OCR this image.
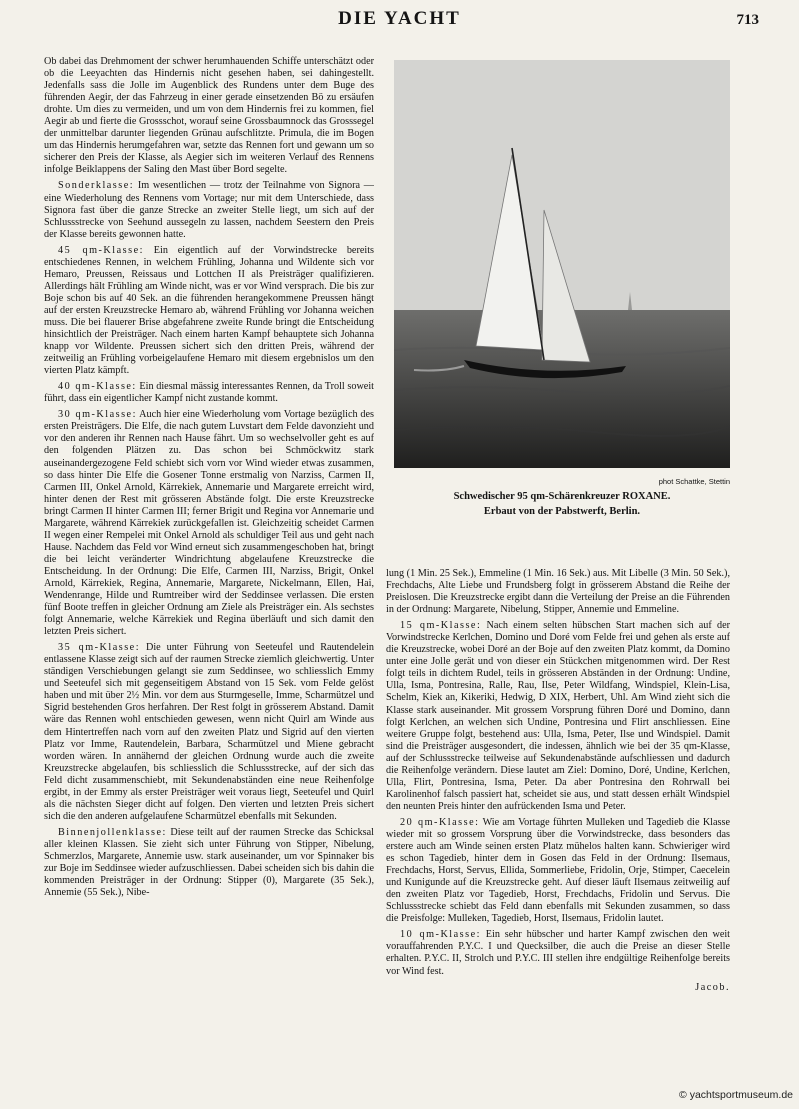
DIE YACHT	713

Ob dabei das Drehmoment der schwer herumhauenden Schiffe unterschätzt oder ob die Leeyachten das Hindernis nicht gesehen haben, sei dahingestellt. Jedenfalls sass die Jolle im Augenblick des Rundens unter dem Buge des führenden Aegir, der das Fahrzeug in einer gerade einsetzenden Bö zu ersäufen drohte. Um dies zu vermeiden, und um von dem Hindernis frei zu kommen, fiel Aegir ab und fierte die Grossschot, worauf seine Grossbaumnock das Grosssegel der unmittelbar darunter liegenden Grünau aufschlitzte. Primula, die im Bogen um das Hindernis herumgefahren war, setzte das Rennen fort und gewann um so sicherer den Preis der Klasse, als Aegier sich im weiteren Verlauf des Rennens infolge Beiklappens der Saling den Mast über Bord segelte.

Sonderklasse: Im wesentlichen — trotz der Teilnahme von Signora — eine Wiederholung des Rennens vom Vortage; nur mit dem Unterschiede, dass Signora fast über die ganze Strecke an zweiter Stelle liegt, um sich auf der Schlussstrecke von Seehund aussegeln zu lassen, nachdem Seestern den Preis der Klasse bereits gewonnen hatte.

45 qm-Klasse: Ein eigentlich auf der Vorwindstrecke bereits entschiedenes Rennen, in welchem Frühling, Johanna und Wildente sich vor Hemaro, Preussen, Reissaus und Lottchen II als Preisträger qualifizieren. Allerdings hält Frühling am Winde nicht, was er vor Wind versprach. Die bis zur Boje schon bis auf 40 Sek. an die führenden herangekommene Preussen hängt auf der ersten Kreuzstrecke Hemaro ab, während Frühling vor Johanna weichen muss. Die bei flauerer Brise abgefahrene zweite Runde bringt die Entscheidung hinsichtlich der Preisträger. Nach einem harten Kampf behauptete sich Johanna knapp vor Wildente. Preussen sichert sich den dritten Preis, während der zeitweilig an Frühling vorbeigelaufene Hemaro mit diesem ergebnislos um den vierten Platz kämpft.

40 qm-Klasse: Ein diesmal mässig interessantes Rennen, da Troll soweit führt, dass ein eigentlicher Kampf nicht zustande kommt.

30 qm-Klasse: Auch hier eine Wiederholung vom Vortage bezüglich des ersten Preisträgers. Die Elfe, die nach gutem Luvstart dem Felde davonzieht und vor den anderen ihr Rennen nach Hause fährt. Um so wechselvoller geht es auf den folgenden Plätzen zu. Das schon bei Schmöckwitz stark auseinandergezogene Feld schiebt sich vorn vor Wind wieder etwas zusammen, so dass hinter Die Elfe die Gosener Tonne erstmalig von Narziss, Carmen II, Carmen III, Onkel Arnold, Kärrekiek, Annemarie und Margarete erreicht wird, hinter denen der Rest mit grösseren Abstände folgt. Die erste Kreuzstrecke bringt Carmen II hinter Carmen III; ferner Brigit und Regina vor Annemarie und Margarete, während Kärrekiek zurückgefallen ist. Gleichzeitig scheidet Carmen II wegen einer Rempelei mit Onkel Arnold als schuldiger Teil aus und geht nach Hause. Nachdem das Feld vor Wind erneut sich zusammengeschoben hat, bringt die bei leicht veränderter Windrichtung abgelaufene Kreuzstrecke die Entscheidung. In der Ordnung: Die Elfe, Carmen III, Narziss, Brigit, Onkel Arnold, Kärrekiek, Regina, Annemarie, Margarete, Nickelmann, Ellen, Hai, Wendenrange, Hilde und Rumtreiber wird der Seddinsee verlassen. Die ersten fünf Boote treffen in gleicher Ordnung am Ziele als Preisträger ein. Als sechstes folgt Annemarie, welche Kärrekiek und Regina überläuft und sich damit den letzten Preis sichert.

35 qm-Klasse: Die unter Führung von Seeteufel und Rautendelein entlassene Klasse zeigt sich auf der raumen Strecke ziemlich gleichwertig. Unter ständigen Verschiebungen gelangt sie zum Seddinsee, wo schliesslich Emmy und Seeteufel sich mit gegenseitigem Abstand von 15 Sek. vom Felde gelöst haben und mit über 2½ Min. vor dem aus Sturmgeselle, Imme, Scharmützel und Sigrid bestehenden Gros herfahren. Der Rest folgt in grösserem Abstand. Damit wäre das Rennen wohl entschieden gewesen, wenn nicht Quirl am Winde aus dem Hintertreffen nach vorn auf den zweiten Platz und Sigrid auf den vierten Platz vor Imme, Rautendelein, Barbara, Scharmützel und Miene gebracht worden wären. In annähernd der gleichen Ordnung wurde auch die zweite Kreuzstrecke abgelaufen, bis schliesslich die Schlussstrecke, auf der sich das Feld dicht zusammenschiebt, mit Sekundenabständen eine neue Reihenfolge ergibt, in der Emmy als erster Preisträger weit voraus liegt, Seeteufel und Quirl als die nächsten Sieger dicht auf folgen. Den vierten und letzten Preis sichert sich die den anderen aufgelaufene Scharmützel ebenfalls mit Sekunden.

Binnenjollenklasse: Diese teilt auf der raumen Strecke das Schicksal aller kleinen Klassen. Sie zieht sich unter Führung von Stipper, Nibelung, Schmerzlos, Margarete, Annemie usw. stark auseinander, um vor Spinnaker bis zur Boje im Seddinsee wieder aufzuschliessen. Dabei scheiden sich bis dahin die kommenden Preisträger in der Ordnung: Stipper (0), Margarete (35 Sek.), Annemie (55 Sek.), Nibe-

phot Schattke, Stettin
Schwedischer 95 qm-Schärenkreuzer ROXANE.
Erbaut von der Pabstwerft, Berlin.

lung (1 Min. 25 Sek.), Emmeline (1 Min. 16 Sek.) aus. Mit Libelle (3 Min. 50 Sek.), Frechdachs, Alte Liebe und Frundsberg folgt in grösserem Abstand die Reihe der Preislosen. Die Kreuzstrecke ergibt dann die Verteilung der Preise an die Führenden in der Ordnung: Margarete, Nibelung, Stipper, Annemie und Emmeline.

15 qm-Klasse: Nach einem selten hübschen Start machen sich auf der Vorwindstrecke Kerlchen, Domino und Doré vom Felde frei und gehen als erste auf die Kreuzstrecke, wobei Doré an der Boje auf den zweiten Platz kommt, da Domino unter eine Jolle gerät und von dieser ein Stückchen mitgenommen wird. Der Rest folgt teils in dichtem Rudel, teils in grösseren Abständen in der Ordnung: Undine, Ulla, Isma, Pontresina, Ralle, Rau, Ilse, Peter Wildfang, Windspiel, Klein-Lisa, Schelm, Kiek an, Kikeriki, Hedwig, D XIX, Herbert, Uhl. Am Wind zieht sich die Klasse stark auseinander. Mit grossem Vorsprung führen Doré und Domino, dann folgt Kerlchen, an welchen sich Undine, Pontresina und Flirt anschliessen. Eine weitere Gruppe folgt, bestehend aus: Ulla, Isma, Peter, Ilse und Windspiel. Damit sind die Preisträger ausgesondert, die indessen, ähnlich wie bei der 35 qm-Klasse, auf der Schlussstrecke teilweise auf Sekundenabstände aufschliessen und dadurch die Reihenfolge verändern. Diese lautet am Ziel: Domino, Doré, Undine, Kerlchen, Ulla, Flirt, Pontresina, Isma, Peter. Da aber Pontresina den Rohrwall bei Karolinenhof falsch passiert hat, scheidet sie aus, und statt dessen erhält Windspiel den neunten Preis hinter den aufrückenden Isma und Peter.

20 qm-Klasse: Wie am Vortage führten Mulleken und Tagedieb die Klasse wieder mit so grossem Vorsprung über die Vorwindstrecke, dass besonders das erstere auch am Winde seinen ersten Platz mühelos halten kann. Schwieriger wird es schon Tagedieb, hinter dem in Gosen das Feld in der Ordnung: Ilsemaus, Frechdachs, Horst, Servus, Ellida, Sommerliebe, Fridolin, Orje, Stimper, Caecelein und Kunigunde auf die Kreuzstrecke geht. Auf dieser läuft Ilsemaus zeitweilig auf den zweiten Platz vor Tagedieb, Horst, Frechdachs, Fridolin und Servus. Die Schlussstrecke schiebt das Feld dann ebenfalls mit Sekunden zusammen, so dass die Preisfolge: Mulleken, Tagedieb, Horst, Ilsemaus, Fridolin lautet.

10 qm-Klasse: Ein sehr hübscher und harter Kampf zwischen den weit vorauffahrenden P.Y.C. I und Quecksilber, die auch die Preise an dieser Stelle erhalten. P.Y.C. II, Strolch und P.Y.C. III stellen ihre endgültige Reihenfolge bereits vor Wind fest.

Jacob.
© yachtsportmuseum.de
